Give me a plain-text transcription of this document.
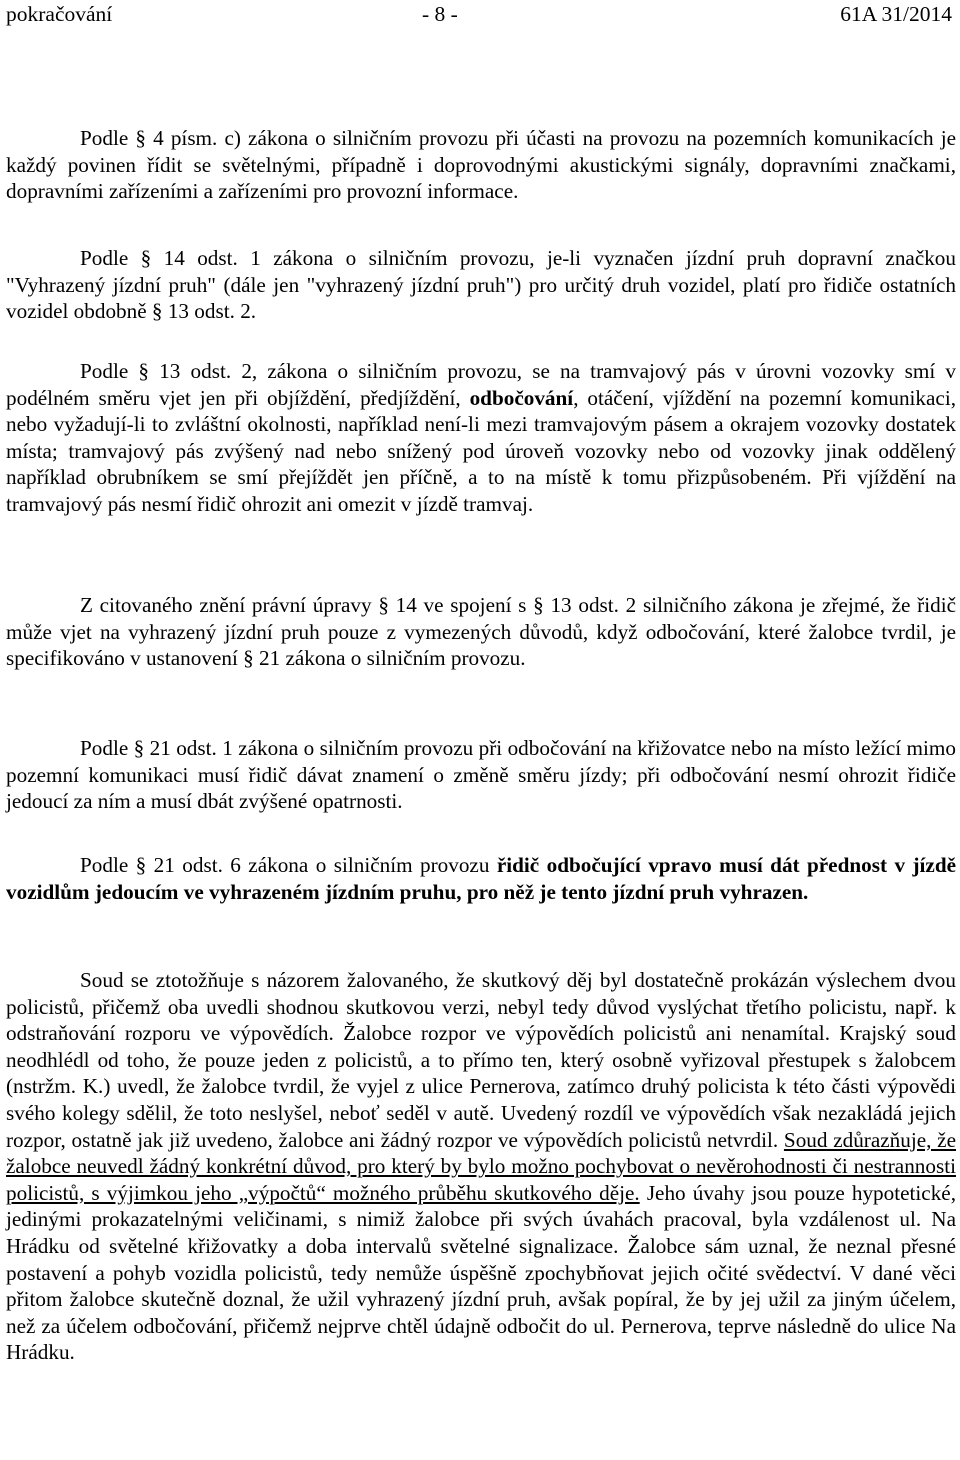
pokračování	- 8 -	61A 31/2014

Podle § 4 písm. c) zákona o silničním provozu při účasti na provozu na pozemních komunikacích je každý povinen řídit se světelnými, případně i doprovodnými akustickými signály, dopravními značkami, dopravními zařízeními a zařízeními pro provozní informace.

Podle § 14 odst. 1 zákona o silničním provozu, je-li vyznačen jízdní pruh dopravní značkou "Vyhrazený jízdní pruh" (dále jen "vyhrazený jízdní pruh") pro určitý druh vozidel, platí pro řidiče ostatních vozidel obdobně § 13 odst. 2.

Podle § 13 odst. 2, zákona o silničním provozu, se na tramvajový pás v úrovni vozovky smí v podélném směru vjet jen při objíždění, předjíždění, odbočování, otáčení, vjíždění na pozemní komunikaci, nebo vyžadují-li to zvláštní okolnosti, například není-li mezi tramvajovým pásem a okrajem vozovky dostatek místa; tramvajový pás zvýšený nad nebo snížený pod úroveň vozovky nebo od vozovky jinak oddělený například obrubníkem se smí přejíždět jen příčně, a to na místě k tomu přizpůsobeném. Při vjíždění na tramvajový pás nesmí řidič ohrozit ani omezit v jízdě tramvaj.

Z citovaného znění právní úpravy § 14 ve spojení s § 13 odst. 2 silničního zákona je zřejmé, že řidič může vjet na vyhrazený jízdní pruh pouze z vymezených důvodů, když odbočování, které žalobce tvrdil, je specifikováno v ustanovení § 21 zákona o silničním provozu.

Podle § 21 odst. 1 zákona o silničním provozu při odbočování na křižovatce nebo na místo ležící mimo pozemní komunikaci musí řidič dávat znamení o změně směru jízdy; při odbočování nesmí ohrozit řidiče jedoucí za ním a musí dbát zvýšené opatrnosti.

Podle § 21 odst. 6 zákona o silničním provozu řidič odbočující vpravo musí dát přednost v jízdě vozidlům jedoucím ve vyhrazeném jízdním pruhu, pro něž je tento jízdní pruh vyhrazen.

Soud se ztotožňuje s názorem žalovaného, že skutkový děj byl dostatečně prokázán výslechem dvou policistů, přičemž oba uvedli shodnou skutkovou verzi, nebyl tedy důvod vyslýchat třetího policistu, např. k odstraňování rozporu ve výpovědích. Žalobce rozpor ve výpovědích policistů ani nenamítal. Krajský soud neodhlédl od toho, že pouze jeden z policistů, a to přímo ten, který osobně vyřizoval přestupek s žalobcem (nstržm. K.) uvedl, že žalobce tvrdil, že vyjel z ulice Pernerova, zatímco druhý policista k této části výpovědi svého kolegy sdělil, že toto neslyšel, neboť seděl v autě. Uvedený rozdíl ve výpovědích však nezakládá jejich rozpor, ostatně jak již uvedeno, žalobce ani žádný rozpor ve výpovědích policistů netvrdil. Soud zdůrazňuje, že žalobce neuvedl žádný konkrétní důvod, pro který by bylo možno pochybovat o nevěrohodnosti či nestrannosti policistů, s výjimkou jeho „výpočtů“ možného průběhu skutkového děje. Jeho úvahy jsou pouze hypotetické, jedinými prokazatelnými veličinami, s nimiž žalobce při svých úvahách pracoval, byla vzdálenost ul. Na Hrádku od světelné křižovatky a doba intervalů světelné signalizace. Žalobce sám uznal, že neznal přesné postavení a pohyb vozidla policistů, tedy nemůže úspěšně zpochybňovat jejich očité svědectví. V dané věci přitom žalobce skutečně doznal, že užil vyhrazený jízdní pruh, avšak popíral, že by jej užil za jiným účelem, než za účelem odbočování, přičemž nejprve chtěl údajně odbočit do ul. Pernerova, teprve následně do ulice Na Hrádku.
